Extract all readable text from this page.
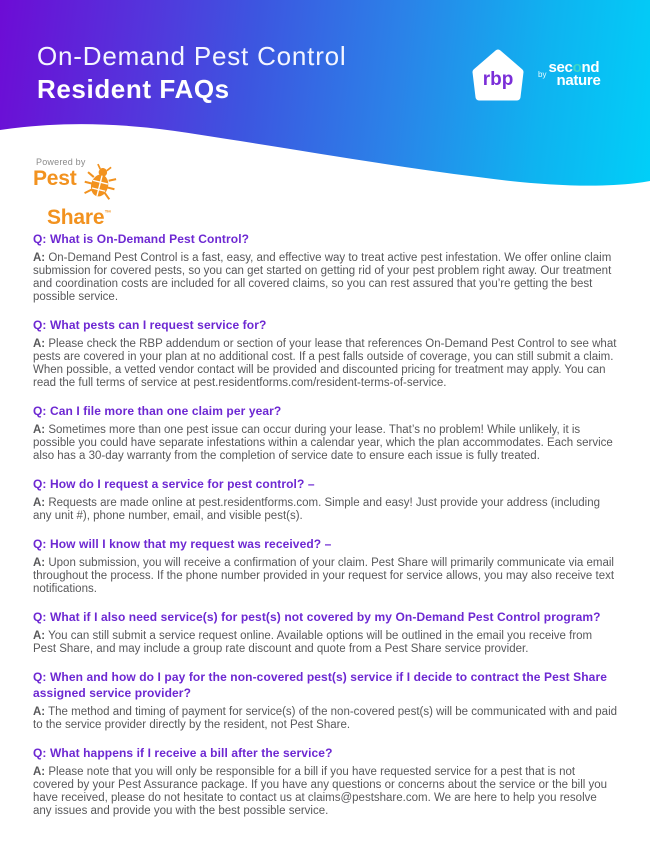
On-Demand Pest Control
Resident FAQs	rbp	by second
nature
Powered by
Pest
Share™
Q: What is On-Demand Pest Control?

A: On-Demand Pest Control is a fast, easy, and effective way to treat active pest infestation. We offer online claim submission for covered pests, so you can get started on getting rid of your pest problem right away. Our treatment and coordination costs are included for all covered claims, so you can rest assured that you’re getting the best possible service.

Q: What pests can I request service for?

A: Please check the RBP addendum or section of your lease that references On-Demand Pest Control to see what pests are covered in your plan at no additional cost. If a pest falls outside of coverage, you can still submit a claim. When possible, a vetted vendor contact will be provided and discounted pricing for treatment may apply. You can read the full terms of service at pest.residentforms.com/resident-terms-of-service.

Q: Can I file more than one claim per year?

A: Sometimes more than one pest issue can occur during your lease. That’s no problem! While unlikely, it is possible you could have separate infestations within a calendar year, which the plan accommodates. Each service also has a 30-day warranty from the completion of service date to ensure each issue is fully treated.

Q: How do I request a service for pest control? –

A: Requests are made online at pest.residentforms.com. Simple and easy! Just provide your address (including any unit #), phone number, email, and visible pest(s).

Q: How will I know that my request was received? –

A: Upon submission, you will receive a confirmation of your claim. Pest Share will primarily communicate via email throughout the process. If the phone number provided in your request for service allows, you may also receive text notifications.

Q: What if I also need service(s) for pest(s) not covered by my On-Demand Pest Control program?

A: You can still submit a service request online. Available options will be outlined in the email you receive from Pest Share, and may include a group rate discount and quote from a Pest Share service provider.

Q: When and how do I pay for the non-covered pest(s) service if I decide to contract the Pest Share assigned service provider?

A: The method and timing of payment for service(s) of the non-covered pest(s) will be communicated with and paid to the service provider directly by the resident, not Pest Share.

Q: What happens if I receive a bill after the service?

A: Please note that you will only be responsible for a bill if you have requested service for a pest that is not covered by your Pest Assurance package. If you have any questions or concerns about the service or the bill you have received, please do not hesitate to contact us at claims@pestshare.com. We are here to help you resolve any issues and provide you with the best possible service.
